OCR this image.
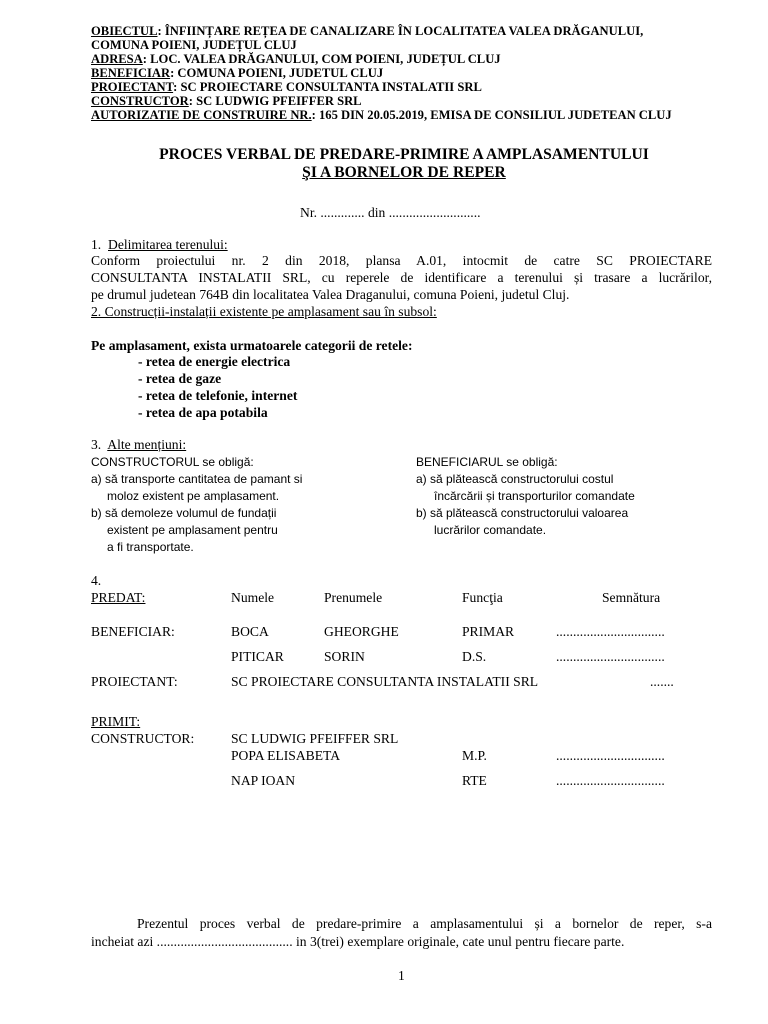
OBIECTUL: ÎNFIINȚARE REȚEA DE CANALIZARE ÎN LOCALITATEA VALEA DRĂGANULUI,
COMUNA POIENI, JUDEȚUL CLUJ
ADRESA: LOC. VALEA DRĂGANULUI, COM POIENI, JUDEȚUL CLUJ
BENEFICIAR: COMUNA POIENI, JUDETUL CLUJ
PROIECTANT: SC PROIECTARE CONSULTANTA INSTALATII SRL
CONSTRUCTOR: SC LUDWIG PFEIFFER SRL
AUTORIZATIE DE CONSTRUIRE NR.: 165 DIN 20.05.2019, EMISA DE CONSILIUL JUDETEAN CLUJ
PROCES VERBAL DE PREDARE-PRIMIRE A AMPLASAMENTULUI
ŞI A BORNELOR DE REPER
Nr. ............. din ...........................
1. Delimitarea terenului:
Conform proiectului nr. 2 din 2018, plansa A.01, intocmit de catre SC PROIECTARE
CONSULTANTA INSTALATII SRL, cu reperele de identificare a terenului și trasare a lucrărilor,
pe drumul judetean 764B din localitatea Valea Draganului, comuna Poieni, judetul Cluj.
2. Construcții-instalații existente pe amplasament sau în subsol:
Pe amplasament, exista urmatoarele categorii de retele:
- retea de energie electrica
- retea de gaze
- retea de telefonie, internet
- retea de apa potabila
3. Alte mențiuni:
CONSTRUCTORUL se obligă:
a) să transporte cantitatea de pamant si
moloz existent pe amplasament.
b) să demoleze volumul de fundații
existent pe amplasament pentru
a fi transportate.
BENEFICIARUL se obligă:
a) să plătească constructorului costul
încărcării și transporturilor comandate
b) să plătească constructorului valoarea
lucrărilor comandate.
4.
PREDAT:	Numele	Prenumele	Funcţia	Semnătura
BENEFICIAR:	BOCA	GHEORGHE	PRIMAR	................................
PITICAR	SORIN	D.S.	................................
PROIECTANT:	SC PROIECTARE CONSULTANTA INSTALATII SRL	.......
PRIMIT:
CONSTRUCTOR:	SC LUDWIG PFEIFFER SRL
POPA ELISABETA	M.P.	................................
NAP IOAN	RTE	................................
Prezentul proces verbal de predare-primire a amplasamentului și a bornelor de reper, s-a
incheiat azi ........................................ in 3(trei) exemplare originale, cate unul pentru fiecare parte.
1
